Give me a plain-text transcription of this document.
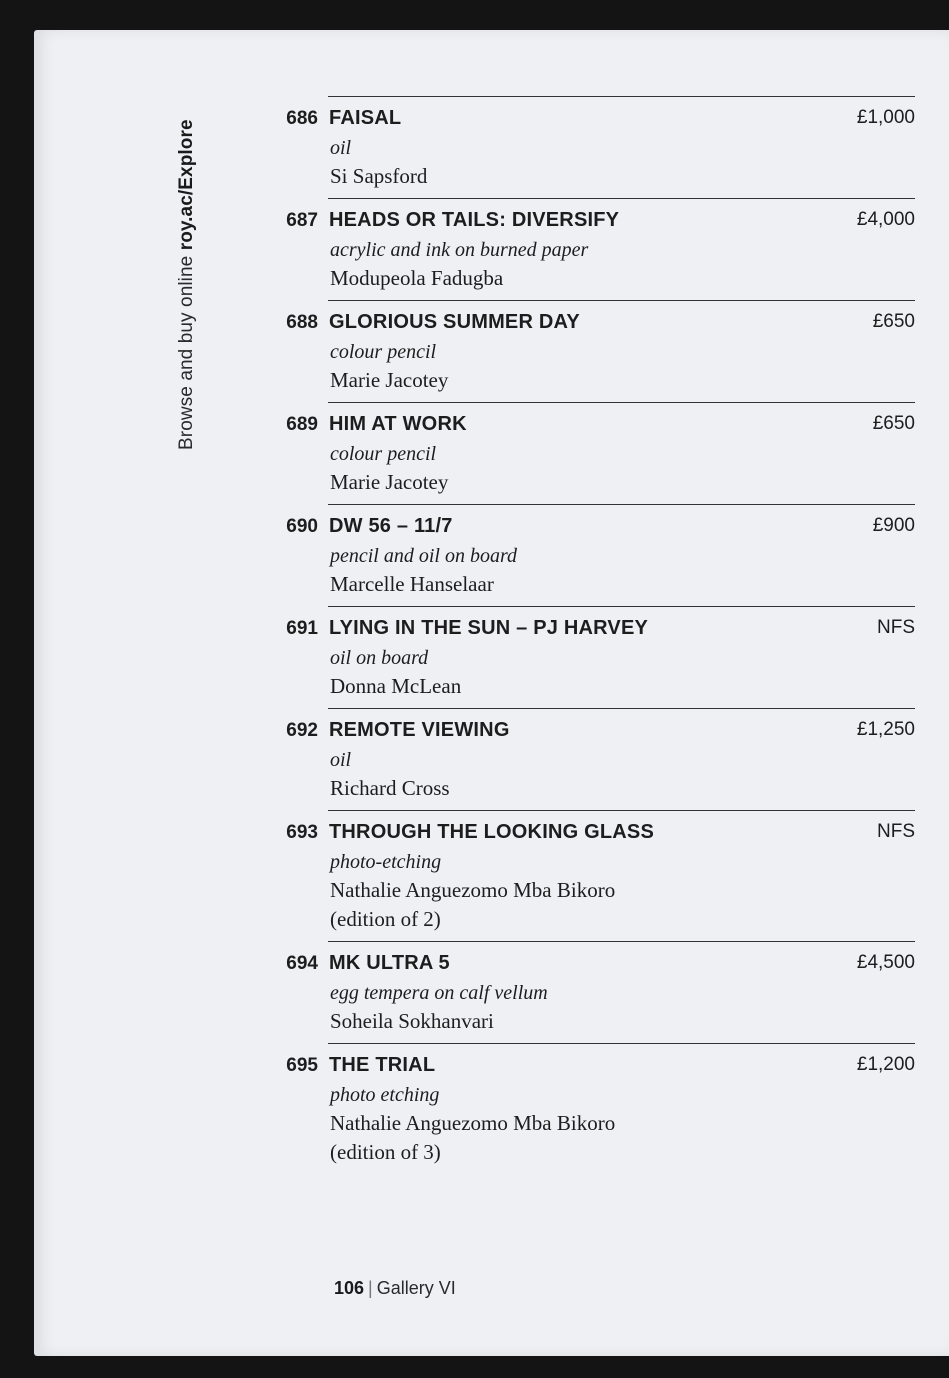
Browse and buy online roy.ac/Explore
686 FAISAL	£1,000
oil
Si Sapsford
687 HEADS OR TAILS: DIVERSIFY	£4,000
acrylic and ink on burned paper
Modupeola Fadugba
688 GLORIOUS SUMMER DAY	£650
colour pencil
Marie Jacotey
689 HIM AT WORK	£650
colour pencil
Marie Jacotey
690 DW 56 – 11/7	£900
pencil and oil on board
Marcelle Hanselaar
691 LYING IN THE SUN – PJ HARVEY	NFS
oil on board
Donna McLean
692 REMOTE VIEWING	£1,250
oil
Richard Cross
693 THROUGH THE LOOKING GLASS	NFS
photo-etching
Nathalie Anguezomo Mba Bikoro
(edition of 2)
694 MK ULTRA 5	£4,500
egg tempera on calf vellum
Soheila Sokhanvari
695 THE TRIAL	£1,200
photo etching
Nathalie Anguezomo Mba Bikoro
(edition of 3)
106 | Gallery VI
